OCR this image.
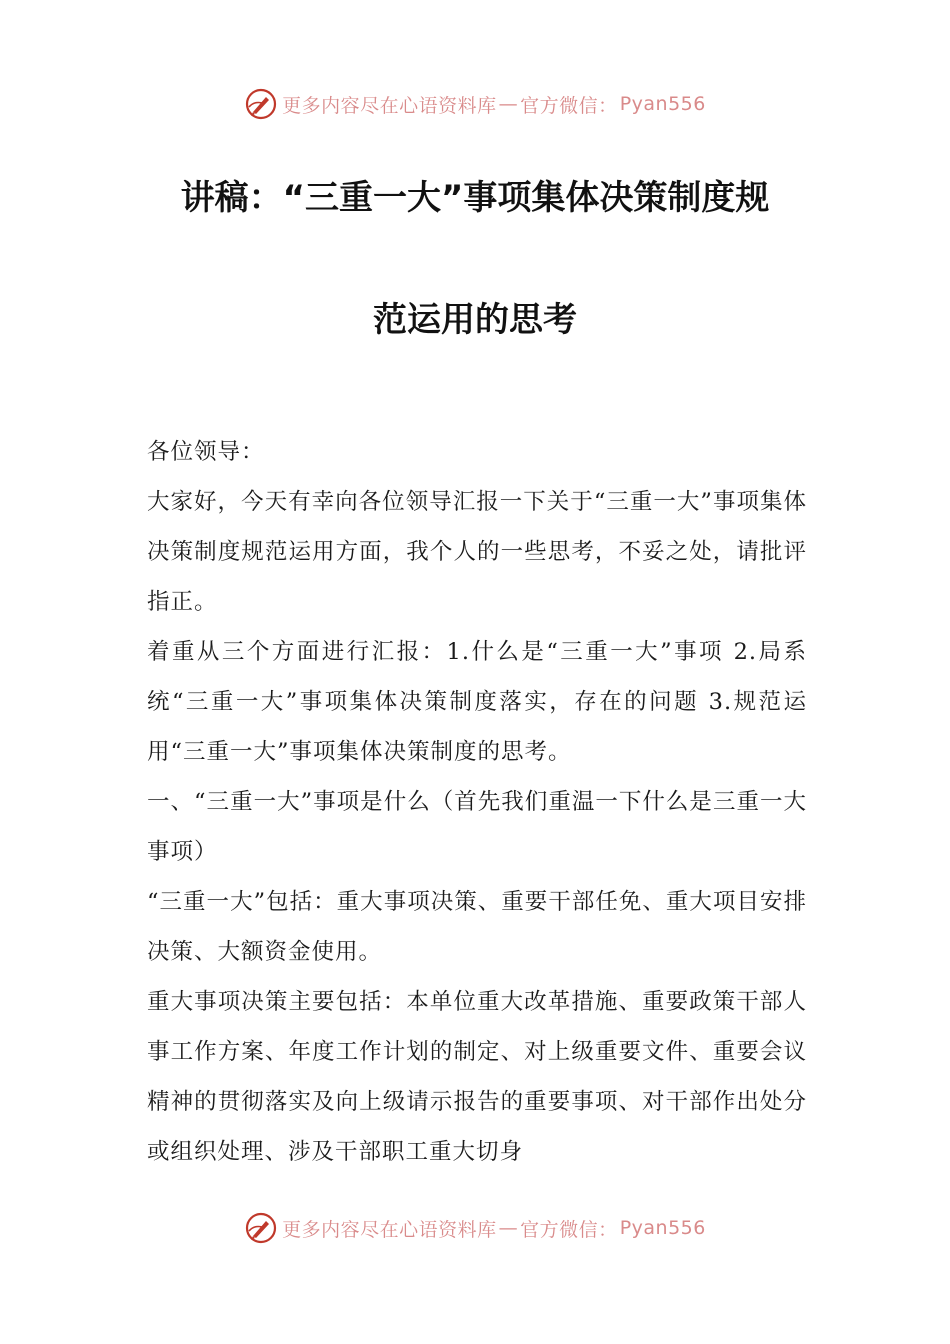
更多内容尽在心语资料库 — 官方微信： Pyan556
讲稿：“三重一大”事项集体决策制度规
范运用的思考

各位领导：

大家好，今天有幸向各位领导汇报一下关于“三重一大”事项集体决策制度规范运用方面，我个人的一些思考，不妥之处，请批评指正。

着重从三个方面进行汇报：1.什么是“三重一大”事项 2.局系统“三重一大”事项集体决策制度落实，存在的问题 3.规范运用“三重一大”事项集体决策制度的思考。

一、“三重一大”事项是什么（首先我们重温一下什么是三重一大事项）

“三重一大”包括：重大事项决策、重要干部任免、重大项目安排决策、大额资金使用。

重大事项决策主要包括：本单位重大改革措施、重要政策干部人事工作方案、年度工作计划的制定、对上级重要文件、重要会议精神的贯彻落实及向上级请示报告的重要事项、对干部作出处分或组织处理、涉及干部职工重大切身

更多内容尽在心语资料库 — 官方微信： Pyan556
